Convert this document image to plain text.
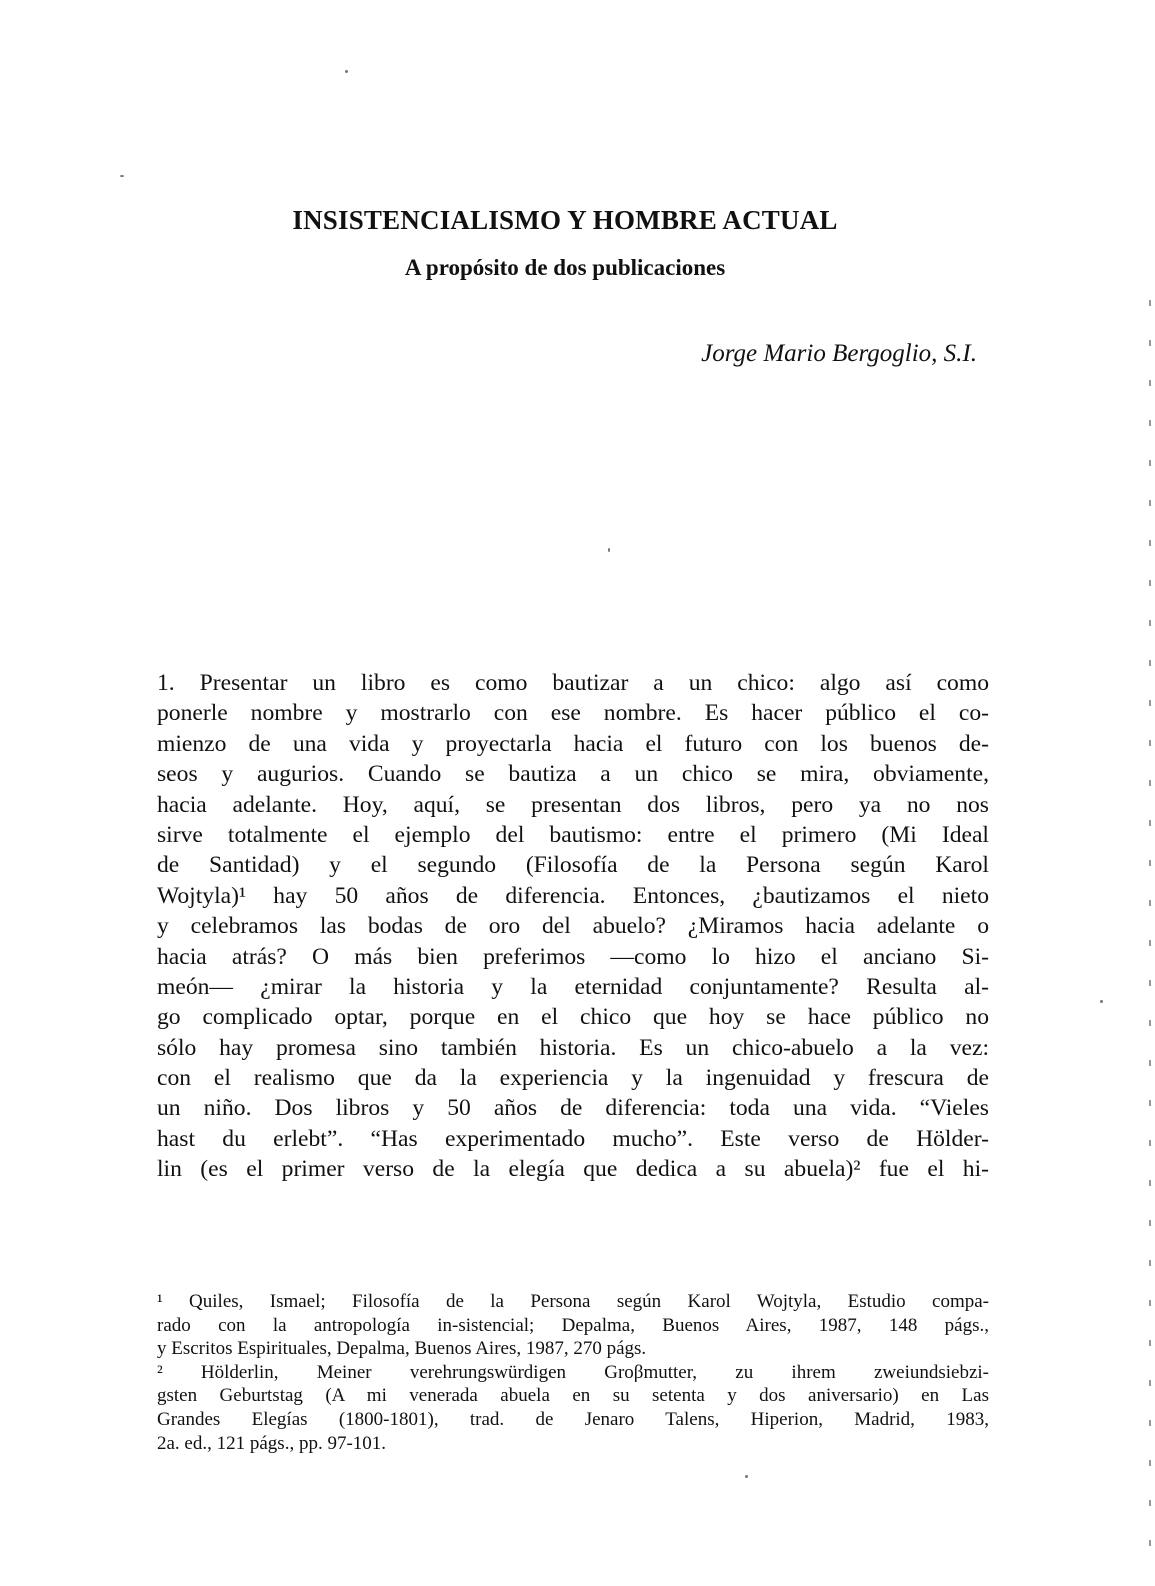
INSISTENCIALISMO Y HOMBRE ACTUAL
A propósito de dos publicaciones
Jorge Mario Bergoglio, S.I.
1. Presentar un libro es como bautizar a un chico: algo así como
ponerle nombre y mostrarlo con ese nombre. Es hacer público el co-
mienzo de una vida y proyectarla hacia el futuro con los buenos de-
seos y augurios. Cuando se bautiza a un chico se mira, obviamente,
hacia adelante. Hoy, aquí, se presentan dos libros, pero ya no nos
sirve totalmente el ejemplo del bautismo: entre el primero (Mi Ideal
de Santidad) y el segundo (Filosofía de la Persona según Karol
Wojtyla)¹ hay 50 años de diferencia. Entonces, ¿bautizamos el nieto
y celebramos las bodas de oro del abuelo? ¿Miramos hacia adelante o
hacia atrás? O más bien preferimos —como lo hizo el anciano Si-
meón— ¿mirar la historia y la eternidad conjuntamente? Resulta al-
go complicado optar, porque en el chico que hoy se hace público no
sólo hay promesa sino también historia. Es un chico-abuelo a la vez:
con el realismo que da la experiencia y la ingenuidad y frescura de
un niño. Dos libros y 50 años de diferencia: toda una vida. “Vieles
hast du erlebt”. “Has experimentado mucho”. Este verso de Hölder-
lin (es el primer verso de la elegía que dedica a su abuela)² fue el hi-
¹ Quiles, Ismael; Filosofía de la Persona según Karol Wojtyla, Estudio compa-
rado con la antropología in-sistencial; Depalma, Buenos Aires, 1987, 148 págs.,
y Escritos Espirituales, Depalma, Buenos Aires, 1987, 270 págs.
² Hölderlin, Meiner verehrungswürdigen Groβmutter, zu ihrem zweiundsiebzi-
gsten Geburtstag (A mi venerada abuela en su setenta y dos aniversario) en Las
Grandes Elegías (1800-1801), trad. de Jenaro Talens, Hiperion, Madrid, 1983,
2a. ed., 121 págs., pp. 97-101.
